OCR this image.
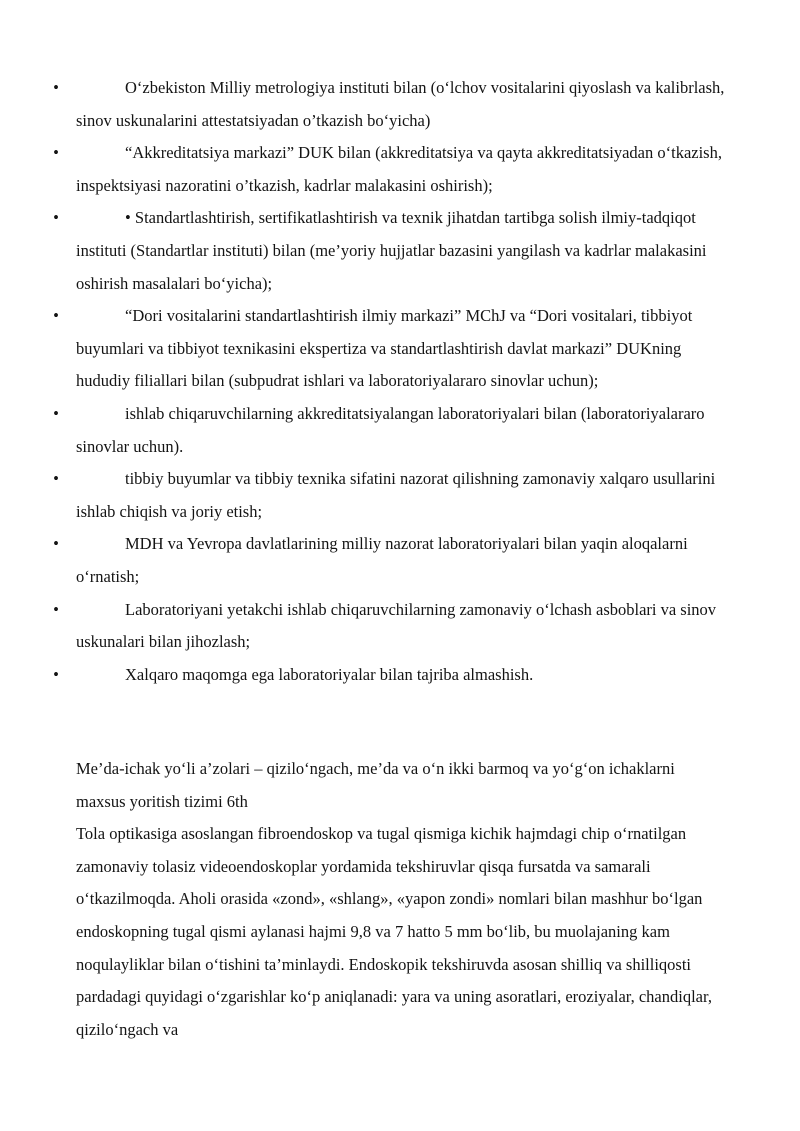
•	O‘zbekiston Milliy metrologiya instituti bilan (o‘lchov vositalarini qiyoslash va kalibrlash, sinov uskunalarini attestatsiyadan o’tkazish bo‘yicha)
•	“Akkreditatsiya markazi” DUK bilan (akkreditatsiya va qayta akkreditatsiyadan o‘tkazish, inspektsiyasi nazoratini o’tkazish, kadrlar malakasini oshirish);
•	• Standartlashtirish, sertifikatlashtirish va texnik jihatdan tartibga solish ilmiy-tadqiqot instituti (Standartlar instituti) bilan (me’yoriy hujjatlar bazasini yangilash va kadrlar malakasini oshirish masalalari bo‘yicha);
•	“Dori vositalarini standartlashtirish ilmiy markazi” MChJ va “Dori vositalari, tibbiyot buyumlari va tibbiyot texnikasini ekspertiza va standartlashtirish davlat markazi” DUKning hududiy filiallari bilan (subpudrat ishlari va laboratoriyalararo sinovlar uchun);
•	ishlab chiqaruvchilarning akkreditatsiyalangan laboratoriyalari bilan (laboratoriyalararo sinovlar uchun).
•	tibbiy buyumlar va tibbiy texnika sifatini nazorat qilishning zamonaviy xalqaro usullarini ishlab chiqish va joriy etish;
•	MDH va Yevropa davlatlarining milliy nazorat laboratoriyalari bilan yaqin aloqalarni o‘rnatish;
•	Laboratoriyani yetakchi ishlab chiqaruvchilarning zamonaviy o‘lchash asboblari va sinov uskunalari bilan jihozlash;
•	Xalqaro maqomga ega laboratoriyalar bilan tajriba almashish.

Me’da-ichak yo‘li a’zolari – qizilo‘ngach, me’da va o‘n ikki barmoq va yo‘g‘on ichaklarni maxsus yoritish tizimi 6th

Tola optikasiga asoslangan fibroendoskop va tugal qismiga kichik hajmdagi chip o‘rnatilgan zamonaviy tolasiz videoendoskoplar yordamida tekshiruvlar qisqa fursatda va samarali o‘tkazilmoqda. Aholi orasida «zond», «shlang», «yapon zondi» nomlari bilan mashhur bo‘lgan endoskopning tugal qismi aylanasi hajmi 9,8 va 7 hatto 5 mm bo‘lib, bu muolajaning kam noqulayliklar bilan o‘tishini ta’minlaydi. Endoskopik tekshiruvda asosan shilliq va shilliqosti pardadagi quyidagi o‘zgarishlar ko‘p aniqlanadi: yara va uning asoratlari, eroziyalar, chandiqlar, qizilo‘ngach va
